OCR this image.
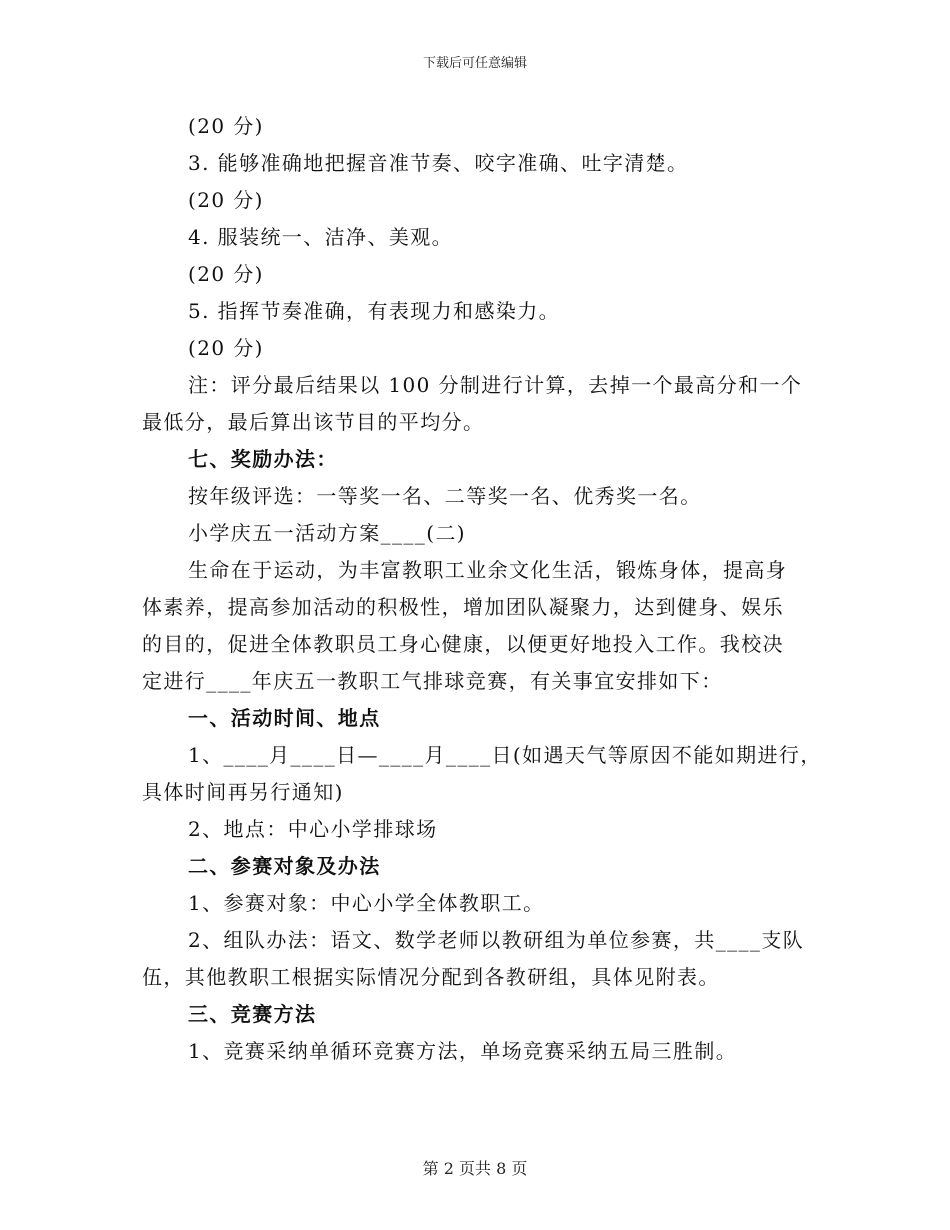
下载后可任意编辑
(20 分)
3. 能够准确地把握音准节奏、咬字准确、吐字清楚。
(20 分)
4. 服装统一、洁净、美观。
(20 分)
5. 指挥节奏准确，有表现力和感染力。
(20 分)
注：评分最后结果以 100 分制进行计算，去掉一个最高分和一个
最低分，最后算出该节目的平均分。
七、奖励办法：
按年级评选：一等奖一名、二等奖一名、优秀奖一名。
小学庆五一活动方案____(二)
生命在于运动，为丰富教职工业余文化生活，锻炼身体，提高身
体素养，提高参加活动的积极性，增加团队凝聚力，达到健身、娱乐
的目的，促进全体教职员工身心健康，以便更好地投入工作。我校决
定进行____年庆五一教职工气排球竞赛，有关事宜安排如下：
一、活动时间、地点
1、____月____日—____月____日(如遇天气等原因不能如期进行，
具体时间再另行通知)
2、地点：中心小学排球场
二、参赛对象及办法
1、参赛对象：中心小学全体教职工。
2、组队办法：语文、数学老师以教研组为单位参赛，共____支队
伍，其他教职工根据实际情况分配到各教研组，具体见附表。
三、竞赛方法
1、竞赛采纳单循环竞赛方法，单场竞赛采纳五局三胜制。
第 2 页共 8 页
